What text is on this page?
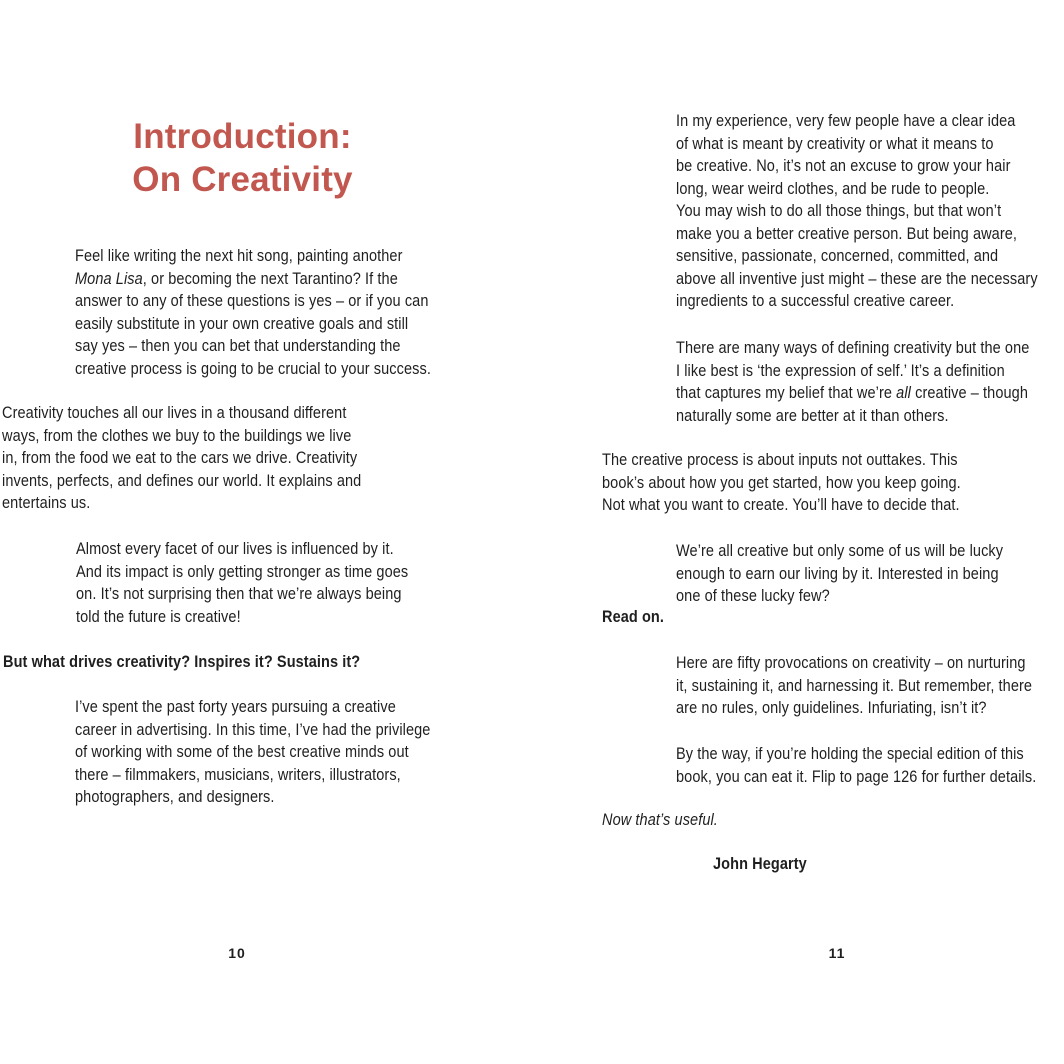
Introduction:
On Creativity
Feel like writing the next hit song, painting another
Mona Lisa, or becoming the next Tarantino? If the
answer to any of these questions is yes – or if you can
easily substitute in your own creative goals and still
say yes – then you can bet that understanding the
creative process is going to be crucial to your success.
Creativity touches all our lives in a thousand different
ways, from the clothes we buy to the buildings we live
in, from the food we eat to the cars we drive. Creativity
invents, perfects, and defines our world. It explains and
entertains us.
Almost every facet of our lives is influenced by it.
And its impact is only getting stronger as time goes
on. It’s not surprising then that we’re always being
told the future is creative!
But what drives creativity? Inspires it? Sustains it?
I’ve spent the past forty years pursuing a creative
career in advertising. In this time, I’ve had the privilege
of working with some of the best creative minds out
there – filmmakers, musicians, writers, illustrators,
photographers, and designers.
10
In my experience, very few people have a clear idea
of what is meant by creativity or what it means to
be creative. No, it’s not an excuse to grow your hair
long, wear weird clothes, and be rude to people.
You may wish to do all those things, but that won’t
make you a better creative person. But being aware,
sensitive, passionate, concerned, committed, and
above all inventive just might – these are the necessary
ingredients to a successful creative career.
There are many ways of defining creativity but the one
I like best is ‘the expression of self.’ It’s a definition
that captures my belief that we’re all creative – though
naturally some are better at it than others.
The creative process is about inputs not outtakes. This
book’s about how you get started, how you keep going.
Not what you want to create. You’ll have to decide that.
We’re all creative but only some of us will be lucky
enough to earn our living by it. Interested in being
one of these lucky few?
Read on.
Here are fifty provocations on creativity – on nurturing
it, sustaining it, and harnessing it. But remember, there
are no rules, only guidelines. Infuriating, isn’t it?
By the way, if you’re holding the special edition of this
book, you can eat it. Flip to page 126 for further details.
Now that’s useful.
John Hegarty
11
